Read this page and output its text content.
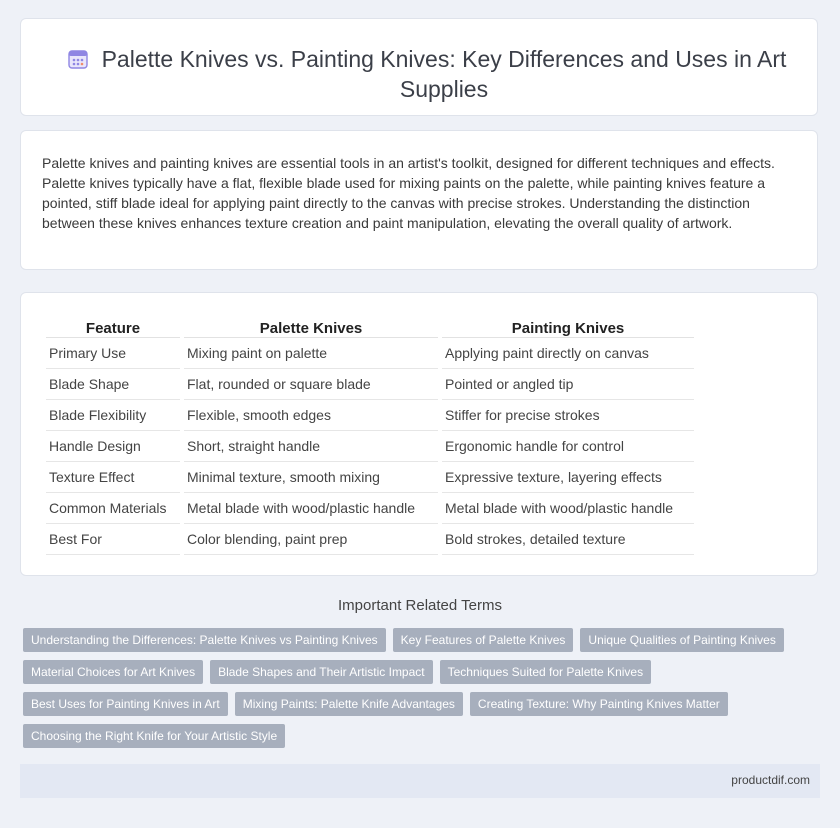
Palette Knives vs. Painting Knives: Key Differences and Uses in Art Supplies

Palette knives and painting knives are essential tools in an artist's toolkit, designed for different techniques and effects. Palette knives typically have a flat, flexible blade used for mixing paints on the palette, while painting knives feature a pointed, stiff blade ideal for applying paint directly to the canvas with precise strokes. Understanding the distinction between these knives enhances texture creation and paint manipulation, elevating the overall quality of artwork.

Feature	Palette Knives	Painting Knives
Primary Use	Mixing paint on palette	Applying paint directly on canvas
Blade Shape	Flat, rounded or square blade	Pointed or angled tip
Blade Flexibility	Flexible, smooth edges	Stiffer for precise strokes
Handle Design	Short, straight handle	Ergonomic handle for control
Texture Effect	Minimal texture, smooth mixing	Expressive texture, layering effects
Common Materials	Metal blade with wood/plastic handle	Metal blade with wood/plastic handle
Best For	Color blending, paint prep	Bold strokes, detailed texture
Important Related Terms
Understanding the Differences: Palette Knives vs Painting Knives	Key Features of Palette Knives	Unique Qualities of Painting Knives
Material Choices for Art Knives	Blade Shapes and Their Artistic Impact	Techniques Suited for Palette Knives
Best Uses for Painting Knives in Art	Mixing Paints: Palette Knife Advantages	Creating Texture: Why Painting Knives Matter
Choosing the Right Knife for Your Artistic Style
productdif.com
